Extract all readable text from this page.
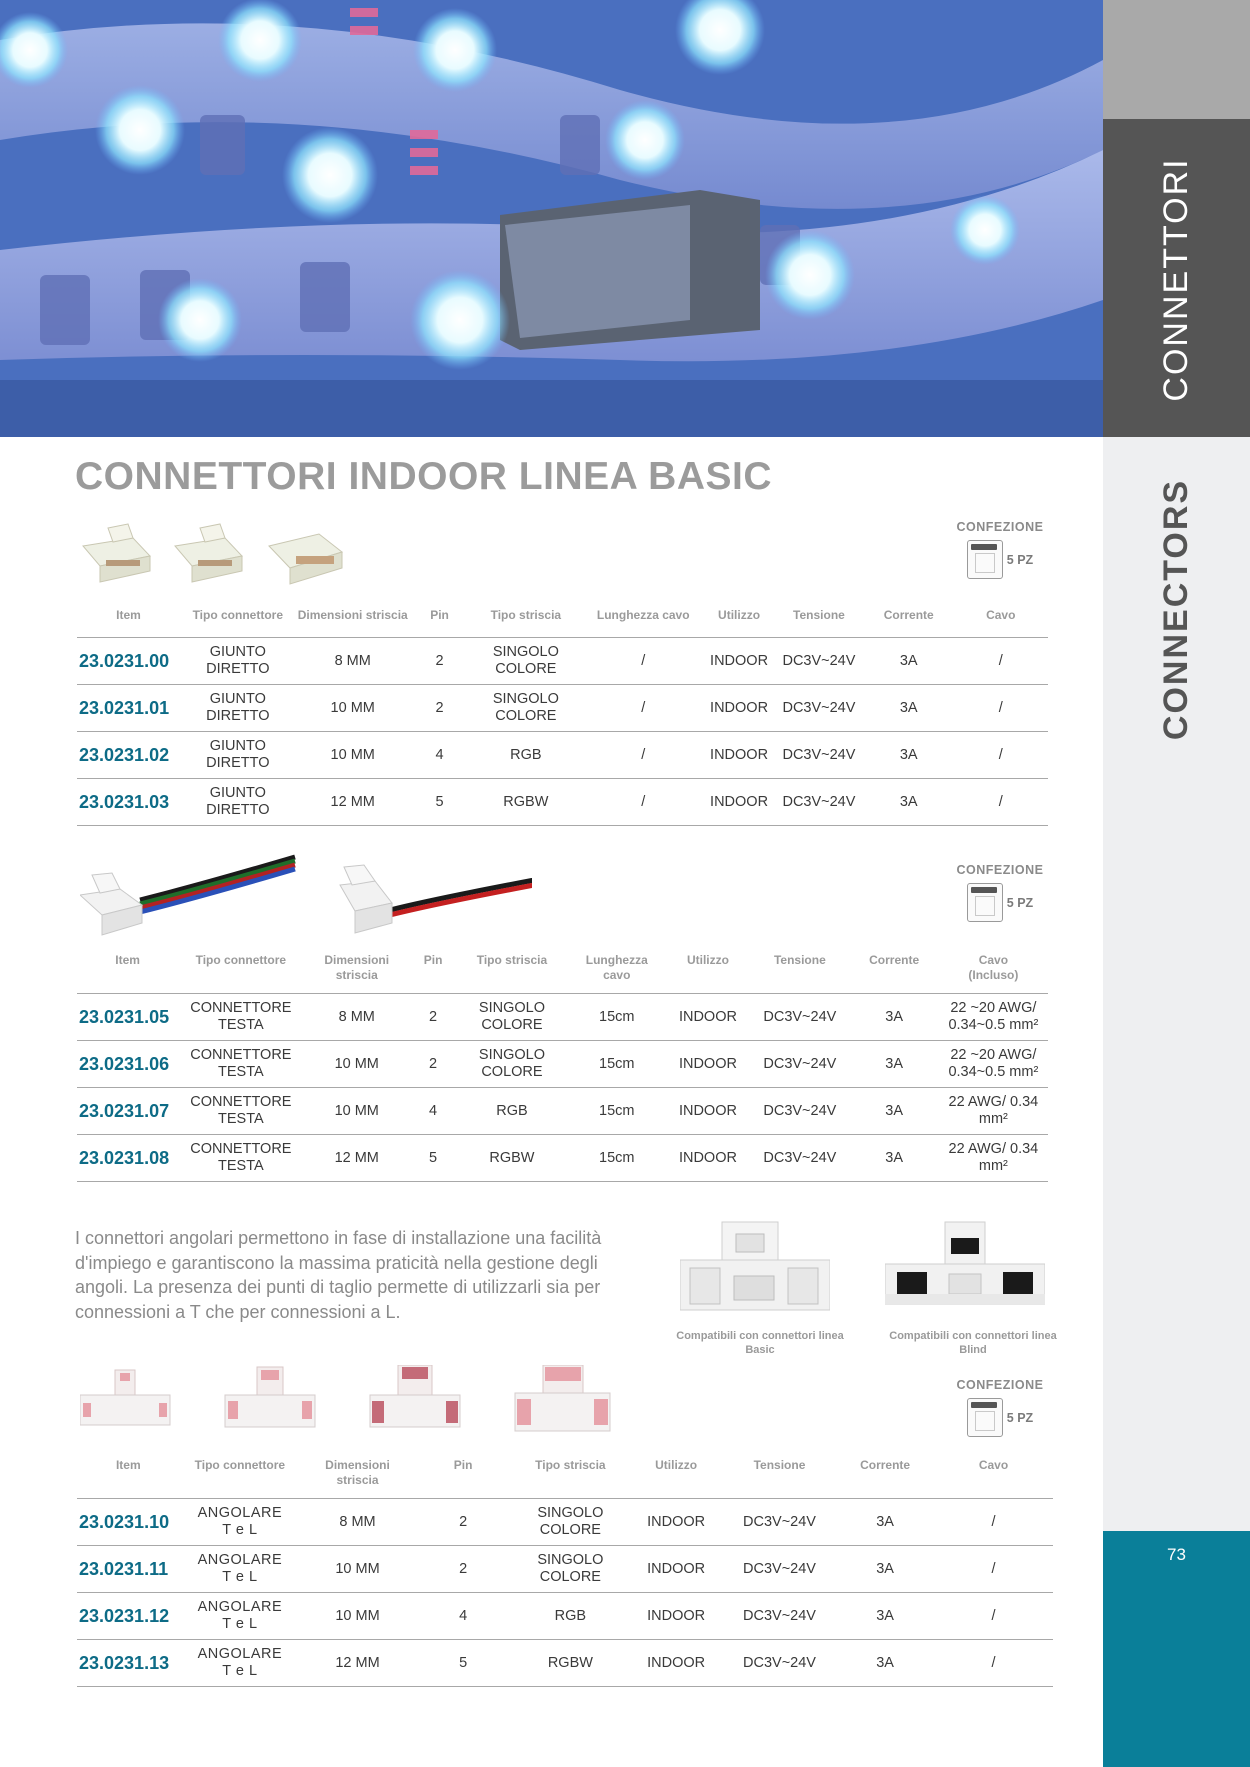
CONNETTORI
CONNECTORS
73
CONNETTORI INDOOR LINEA BASIC
CONFEZIONE
5 PZ
Item	Tipo connettore	Dimensioni striscia	Pin	Tipo striscia	Lunghezza cavo	Utilizzo	Tensione	Corrente	Cavo
23.0231.00	GIUNTO DIRETTO	8 MM	2	SINGOLO COLORE	/	INDOOR	DC3V~24V	3A	/
23.0231.01	GIUNTO DIRETTO	10 MM	2	SINGOLO COLORE	/	INDOOR	DC3V~24V	3A	/
23.0231.02	GIUNTO DIRETTO	10 MM	4	RGB	/	INDOOR	DC3V~24V	3A	/
23.0231.03	GIUNTO DIRETTO	12 MM	5	RGBW	/	INDOOR	DC3V~24V	3A	/
CONFEZIONE
5 PZ
Item	Tipo connettore	Dimensioni striscia	Pin	Tipo striscia	Lunghezza cavo	Utilizzo	Tensione	Corrente	Cavo (Incluso)
23.0231.05	CONNETTORE TESTA	8 MM	2	SINGOLO COLORE	15cm	INDOOR	DC3V~24V	3A	22 ~20 AWG/ 0.34~0.5 mm²
23.0231.06	CONNETTORE TESTA	10 MM	2	SINGOLO COLORE	15cm	INDOOR	DC3V~24V	3A	22 ~20 AWG/ 0.34~0.5 mm²
23.0231.07	CONNETTORE TESTA	10 MM	4	RGB	15cm	INDOOR	DC3V~24V	3A	22 AWG/ 0.34 mm²
23.0231.08	CONNETTORE TESTA	12 MM	5	RGBW	15cm	INDOOR	DC3V~24V	3A	22 AWG/ 0.34 mm²
I connettori angolari permettono in fase di installazione una facilità d'impiego e garantiscono la massima praticità nella gestione degli angoli. La presenza dei punti di taglio permette di utilizzarli sia per connessioni a T che per connessioni a L.
Compatibili con connettori linea Basic
Compatibili con connettori linea Blind
CONFEZIONE
5 PZ
Item	Tipo connettore	Dimensioni striscia	Pin	Tipo striscia	Utilizzo	Tensione	Corrente	Cavo
23.0231.10	ANGOLARE T e L	8 MM	2	SINGOLO COLORE	INDOOR	DC3V~24V	3A	/
23.0231.11	ANGOLARE T e L	10 MM	2	SINGOLO COLORE	INDOOR	DC3V~24V	3A	/
23.0231.12	ANGOLARE T e L	10 MM	4	RGB	INDOOR	DC3V~24V	3A	/
23.0231.13	ANGOLARE T e L	12 MM	5	RGBW	INDOOR	DC3V~24V	3A	/
